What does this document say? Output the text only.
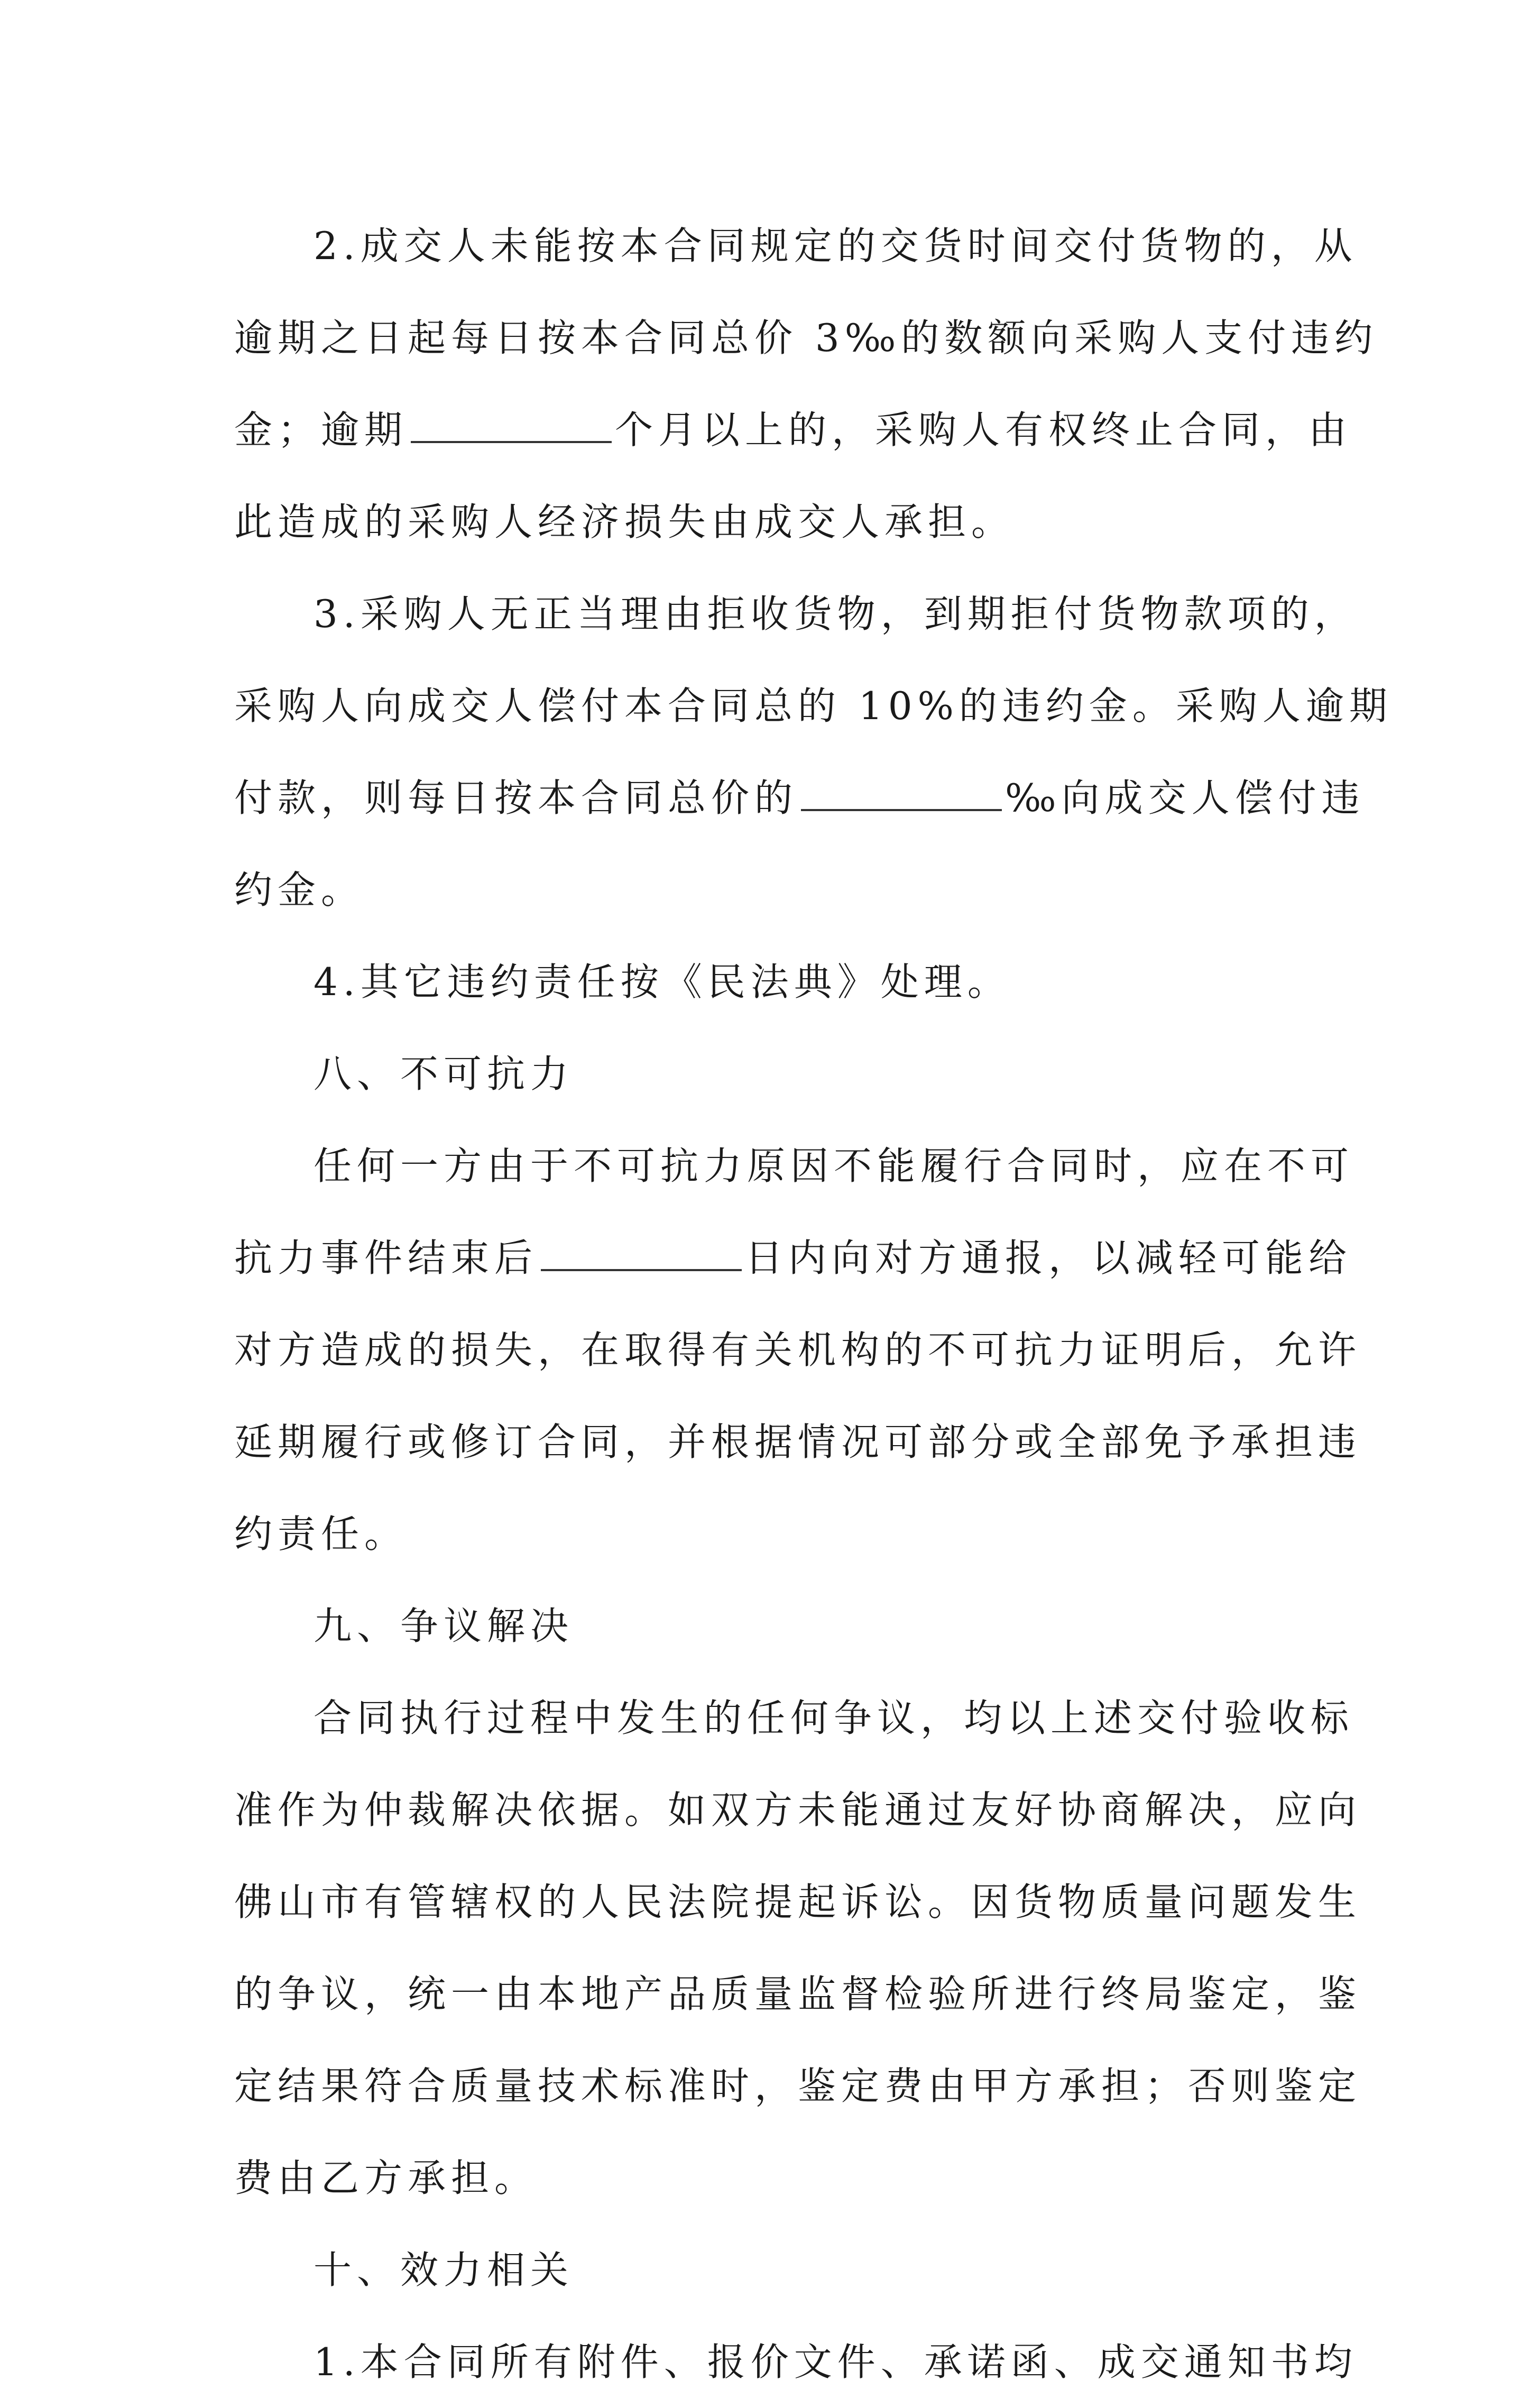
2.成交人未能按本合同规定的交货时间交付货物的，从
逾期之日起每日按本合同总价 3‰的数额向采购人支付违约
金；逾期	个月以上的，采购人有权终止合同，由
此造成的采购人经济损失由成交人承担。
3.采购人无正当理由拒收货物，到期拒付货物款项的，
采购人向成交人偿付本合同总的 10%的违约金。采购人逾期
付款，则每日按本合同总价的	‰向成交人偿付违
约金。
4.其它违约责任按《民法典》处理。
八、不可抗力
任何一方由于不可抗力原因不能履行合同时，应在不可
抗力事件结束后	日内向对方通报，以减轻可能给
对方造成的损失，在取得有关机构的不可抗力证明后，允许
延期履行或修订合同，并根据情况可部分或全部免予承担违
约责任。
九、争议解决
合同执行过程中发生的任何争议，均以上述交付验收标
准作为仲裁解决依据。如双方未能通过友好协商解决，应向
佛山市有管辖权的人民法院提起诉讼。因货物质量问题发生
的争议，统一由本地产品质量监督检验所进行终局鉴定，鉴
定结果符合质量技术标准时，鉴定费由甲方承担；否则鉴定
费由乙方承担。
十、效力相关
1.本合同所有附件、报价文件、承诺函、成交通知书均
